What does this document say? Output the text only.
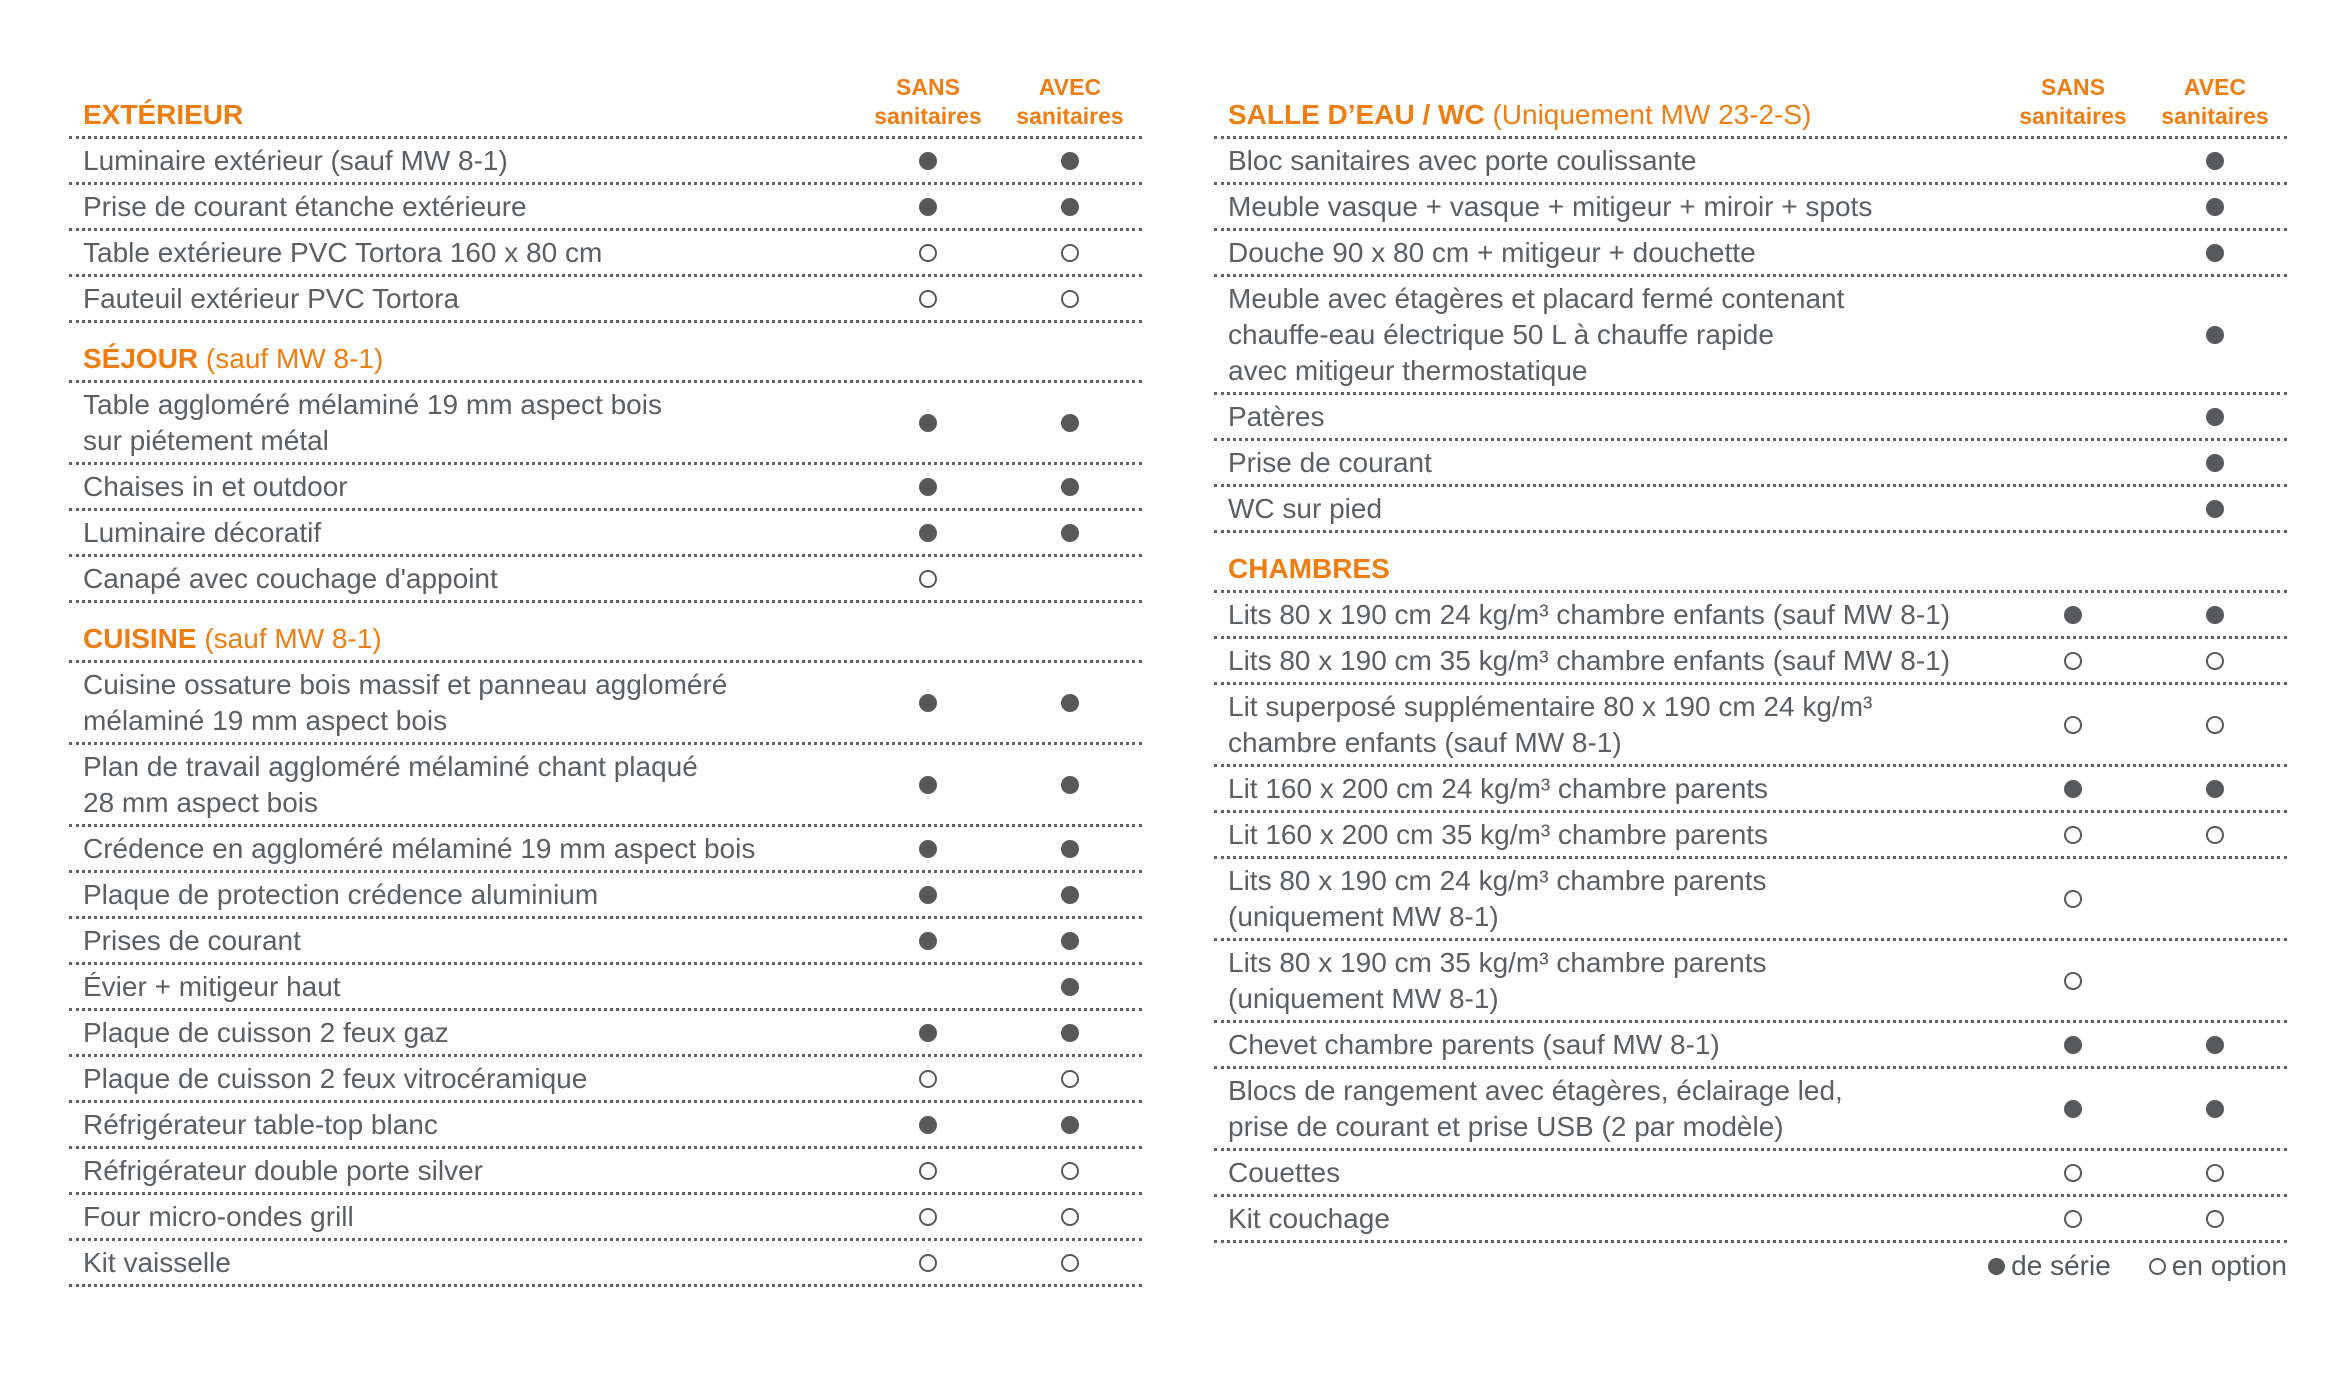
EXTÉRIEUR
SANS
sanitaires
AVEC
sanitaires
Luminaire extérieur (sauf MW 8-1)
Prise de courant étanche extérieure
Table extérieure PVC Tortora 160 x 80 cm
Fauteuil extérieur PVC Tortora
SÉJOUR (sauf MW 8-1)
Table aggloméré mélaminé 19 mm aspect bois
sur piétement métal
Chaises in et outdoor
Luminaire décoratif
Canapé avec couchage d'appoint
CUISINE (sauf MW 8-1)
Cuisine ossature bois massif et panneau aggloméré
mélaminé 19 mm aspect bois
Plan de travail aggloméré mélaminé chant plaqué
28 mm aspect bois
Crédence en aggloméré mélaminé 19 mm aspect bois
Plaque de protection crédence aluminium
Prises de courant
Évier + mitigeur haut
Plaque de cuisson 2 feux gaz
Plaque de cuisson 2 feux vitrocéramique
Réfrigérateur table-top blanc
Réfrigérateur double porte silver
Four micro-ondes grill
Kit vaisselle
SALLE D’EAU / WC (Uniquement MW 23-2-S)
SANS
sanitaires
AVEC
sanitaires
Bloc sanitaires avec porte coulissante
Meuble vasque + vasque + mitigeur + miroir + spots
Douche 90 x 80 cm + mitigeur + douchette
Meuble avec étagères et placard fermé contenant
chauffe-eau électrique 50 L à chauffe rapide
avec mitigeur thermostatique
Patères
Prise de courant
WC sur pied
CHAMBRES
Lits 80 x 190 cm 24 kg/m³ chambre enfants (sauf MW 8-1)
Lits 80 x 190 cm 35 kg/m³ chambre enfants (sauf MW 8-1)
Lit superposé supplémentaire 80 x 190 cm 24 kg/m³
chambre enfants (sauf MW 8-1)
Lit 160 x 200 cm 24 kg/m³ chambre parents
Lit 160 x 200 cm 35 kg/m³ chambre parents
Lits 80 x 190 cm 24 kg/m³ chambre parents
(uniquement MW 8-1)
Lits 80 x 190 cm 35 kg/m³ chambre parents
(uniquement MW 8-1)
Chevet chambre parents (sauf MW 8-1)
Blocs de rangement avec étagères, éclairage led,
prise de courant et prise USB (2 par modèle)
Couettes
Kit couchage
de série en option
